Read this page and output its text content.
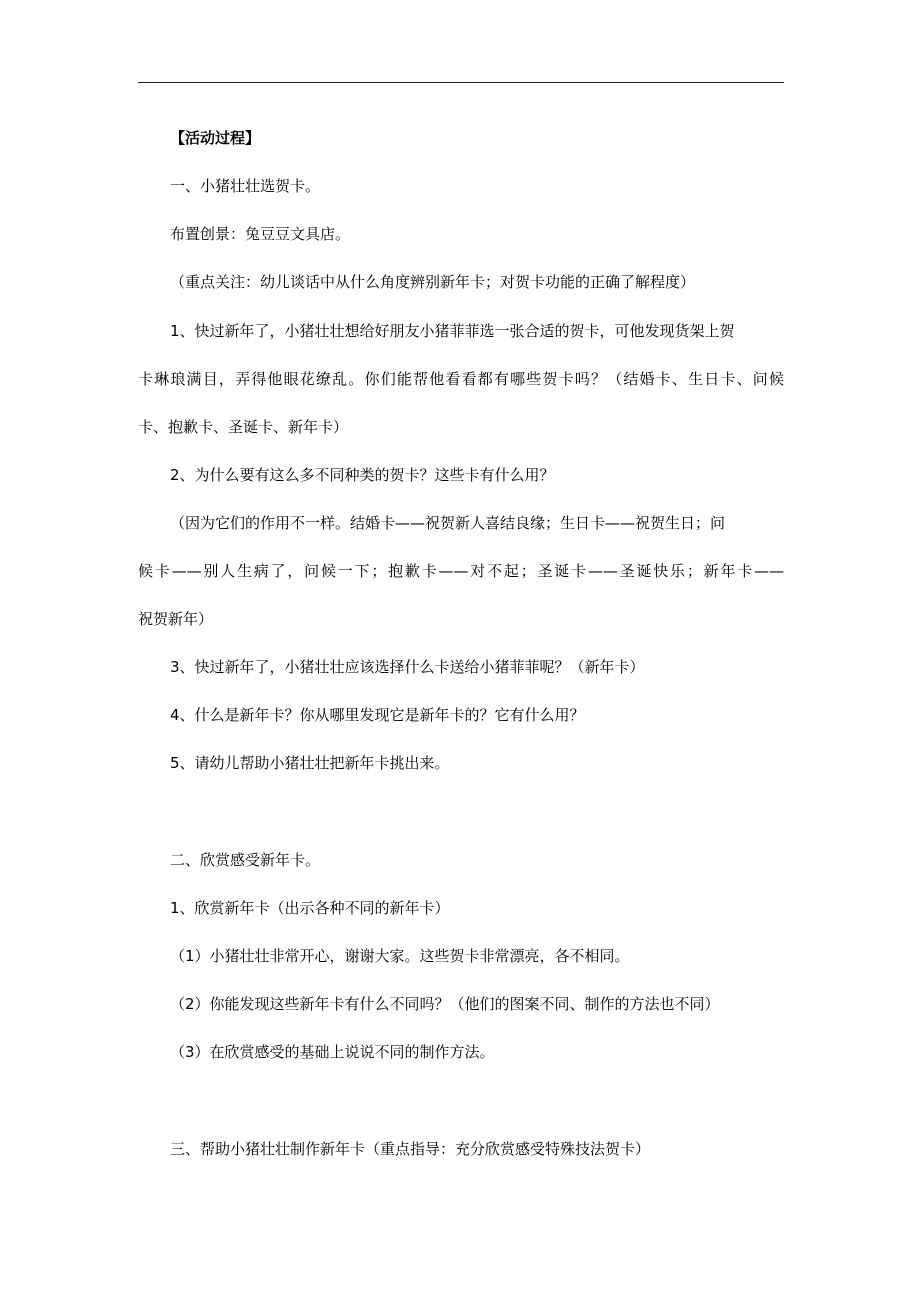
【活动过程】
一、小猪壮壮选贺卡。
布置创景：兔豆豆文具店。
（重点关注：幼儿谈话中从什么角度辨别新年卡；对贺卡功能的正确了解程度）
1、快过新年了，小猪壮壮想给好朋友小猪菲菲选一张合适的贺卡，可他发现货架上贺
卡琳琅满目，弄得他眼花缭乱。你们能帮他看看都有哪些贺卡吗？（结婚卡、生日卡、问候
卡、抱歉卡、圣诞卡、新年卡）
2、为什么要有这么多不同种类的贺卡？这些卡有什么用？
（因为它们的作用不一样。结婚卡——祝贺新人喜结良缘；生日卡——祝贺生日；问
候卡——别人生病了，问候一下；抱歉卡——对不起；圣诞卡——圣诞快乐；新年卡——
祝贺新年）
3、快过新年了，小猪壮壮应该选择什么卡送给小猪菲菲呢？（新年卡）
4、什么是新年卡？你从哪里发现它是新年卡的？它有什么用？
5、请幼儿帮助小猪壮壮把新年卡挑出来。
二、欣赏感受新年卡。
1、欣赏新年卡（出示各种不同的新年卡）
（1）小猪壮壮非常开心，谢谢大家。这些贺卡非常漂亮，各不相同。
（2）你能发现这些新年卡有什么不同吗？（他们的图案不同、制作的方法也不同）
（3）在欣赏感受的基础上说说不同的制作方法。
三、帮助小猪壮壮制作新年卡（重点指导：充分欣赏感受特殊技法贺卡）
